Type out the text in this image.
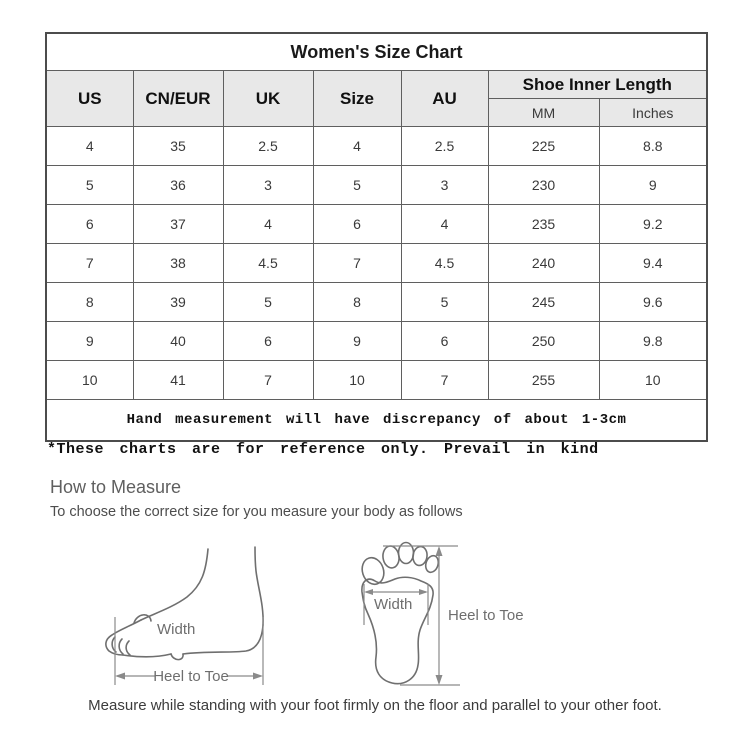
Women's Size Chart						
US	CN/EUR	UK	Size	AU	Shoe Inner Length	
					MM	Inches
4	35	2.5	4	2.5	225	8.8
5	36	3	5	3	230	9
6	37	4	6	4	235	9.2
7	38	4.5	7	4.5	240	9.4
8	39	5	8	5	245	9.6
9	40	6	9	6	250	9.8
10	41	7	10	7	255	10
Hand measurement will have discrepancy of about 1-3cm						
*These charts are for reference only. Prevail in kind
How to Measure
To choose the correct size for you measure your body as follows
Width
Heel to Toe
Width
Heel to Toe
Measure while standing with your foot firmly on the floor and parallel to your other foot.
